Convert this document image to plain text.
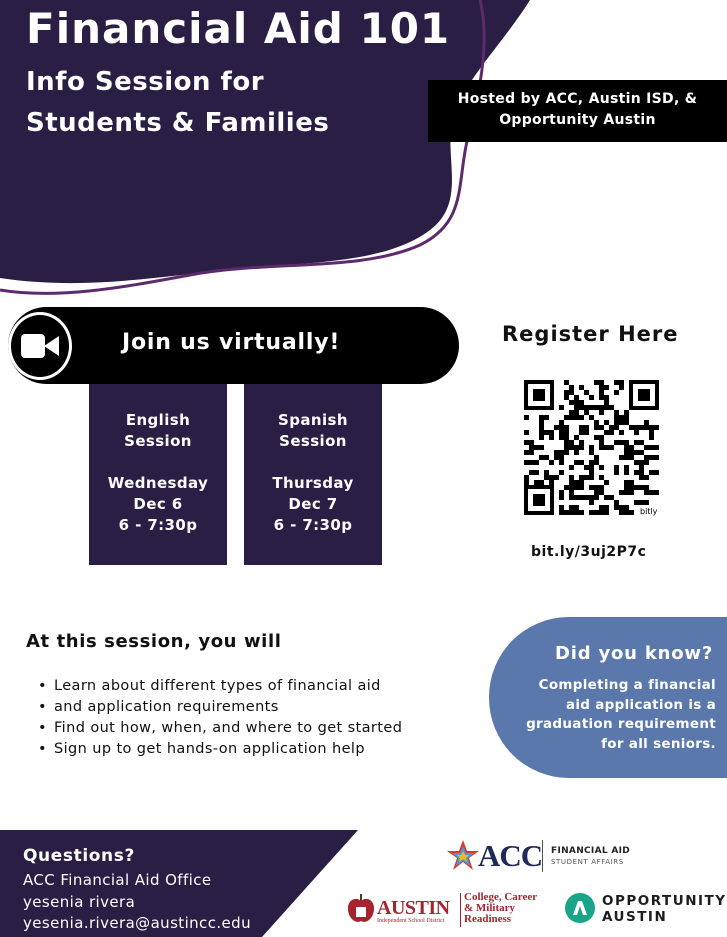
Financial Aid 101
Info Session for
Students & Families
Hosted by ACC, Austin ISD, &
Opportunity Austin
Join us virtually!
English
Session
Wednesday
Dec 6
6 - 7:30p
Spanish
Session
Thursday
Dec 7
6 - 7:30p
Register Here
bitly
bit.ly/3uj2P7c
At this session, you will
• Learn about different types of financial aid
• and application requirements
• Find out how, when, and where to get started
• Sign up to get hands-on application help
Did you know?
Completing a financial
aid application is a
graduation requirement
for all seniors.
Questions?
ACC Financial Aid Office
yesenia rivera
yesenia.rivera@austincc.edu
ACC FINANCIAL AID
STUDENT AFFAIRS
AUSTIN
Independent School District
College, Career
& Military
Readiness
OPPORTUNITY
AUSTIN
